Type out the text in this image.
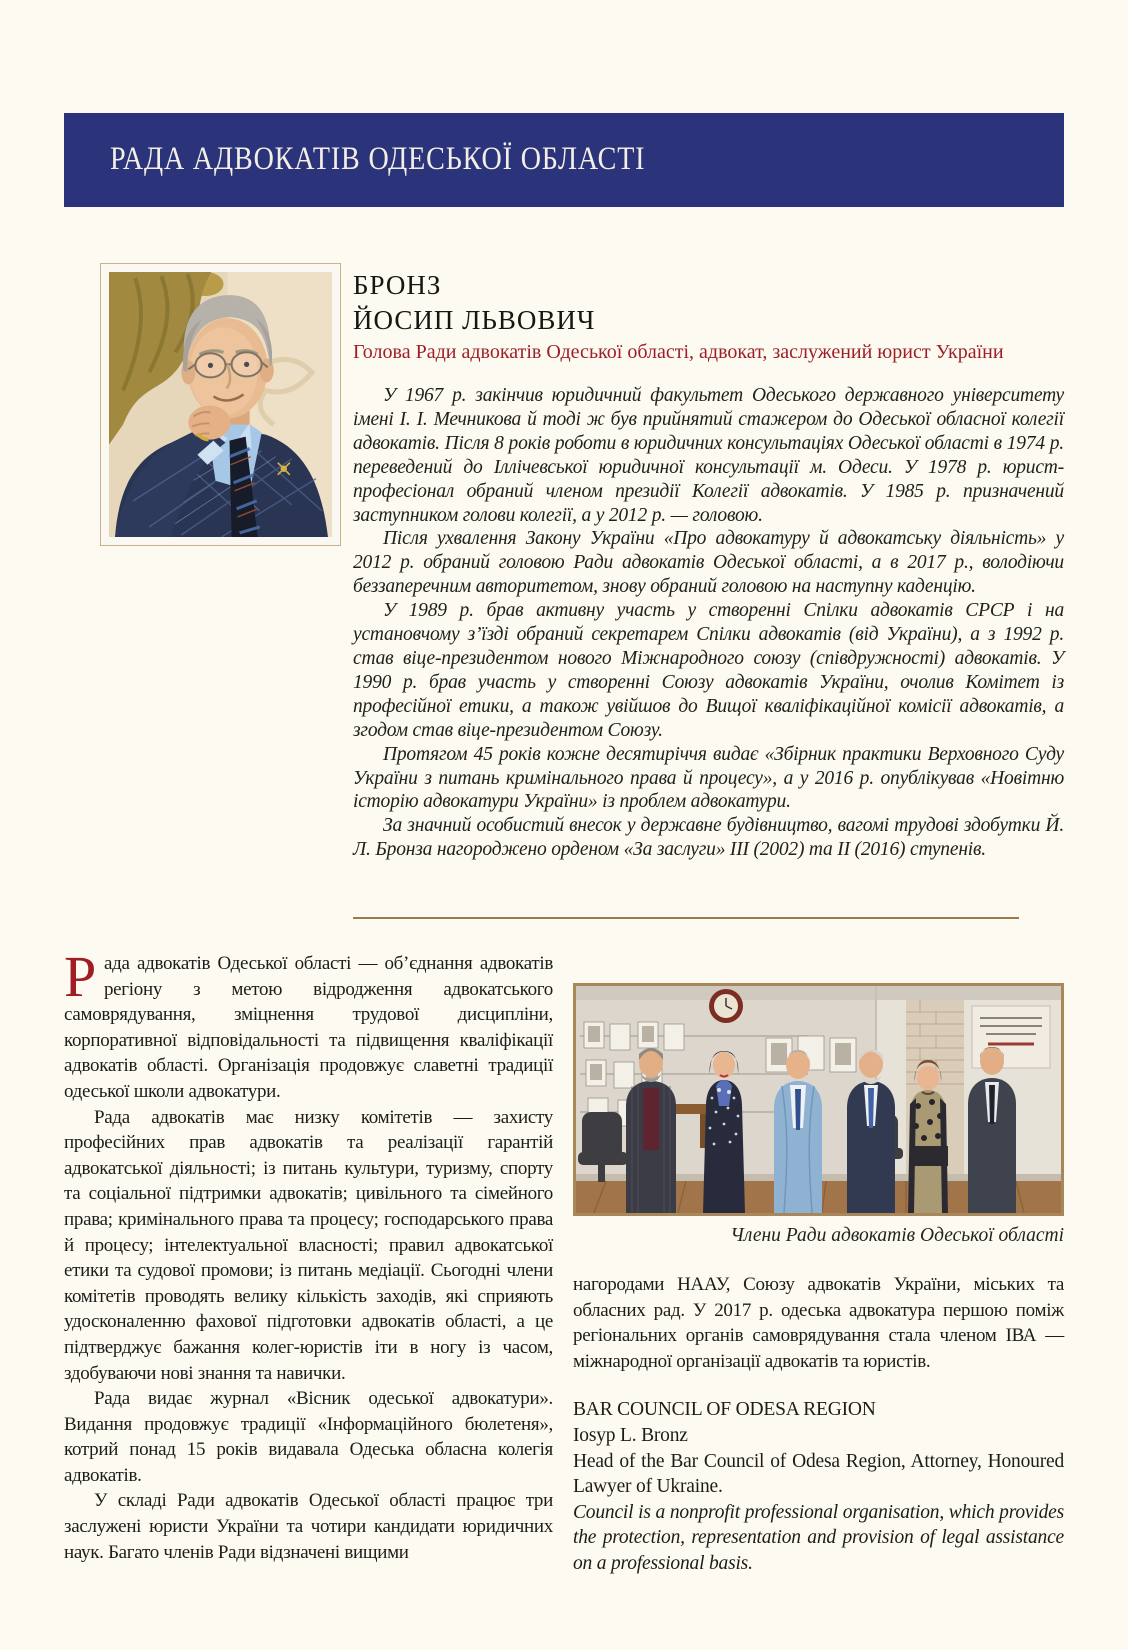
РАДА АДВОКАТІВ ОДЕСЬКОЇ ОБЛАСТІ
БРОНЗ
ЙОСИП ЛЬВОВИЧ
Голова Ради адвокатів Одеської області, адвокат, заслужений юрист України

У 1967 р. закінчив юридичний факультет Одеського державного університету імені І. І. Мечникова й тоді ж був прийнятий стажером до Одеської обласної колегії адвокатів. Після 8 років роботи в юридичних консультаціях Одеської області в 1974 р. переведений до Іллічевської юридичної консультації м. Одеси. У 1978 р. юрист-професіонал обраний членом президії Колегії адвокатів. У 1985 р. призначений заступником голови колегії, а у 2012 р. — головою.

Після ухвалення Закону України «Про адвокатуру й адвокатську діяльність» у 2012 р. обраний головою Ради адвокатів Одеської області, а в 2017 р., володіючи беззаперечним авторитетом, знову обраний головою на наступну каденцію.

У 1989 р. брав активну участь у створенні Спілки адвокатів СРСР і на установчому з’їзді обраний секретарем Спілки адвокатів (від України), а з 1992 р. став віце-президентом нового Міжнародного союзу (співдружності) адвокатів. У 1990 р. брав участь у створенні Союзу адвокатів України, очолив Комітет із професійної етики, а також увійшов до Вищої кваліфікаційної комісії адвокатів, а згодом став віце-президентом Союзу.

Протягом 45 років кожне десятиріччя видає «Збірник практики Верховного Суду України з питань кримінального права й процесу», а у 2016 р. опублікував «Новітню історію адвокатури України» із проблем адвокатури.

За значний особистий внесок у державне будівництво, вагомі трудові здобутки Й. Л. Бронза нагороджено орденом «За заслуги» ІІІ (2002) та ІІ (2016) ступенів.

Рада адвокатів Одеської області — об’єднання адвокатів регіону з метою відродження адвокатського самоврядування, зміцнення трудової дисципліни, корпоративної відповідальності та підвищення кваліфікації адвокатів області. Організація продовжує славетні традиції одеської школи адвокатури.

Рада адвокатів має низку комітетів — захисту професійних прав адвокатів та реалізації гарантій адвокатської діяльності; із питань культури, туризму, спорту та соціальної підтримки адвокатів; цивільного та сімейного права; кримінального права та процесу; господарського права й процесу; інтелектуальної власності; правил адвокатської етики та судової промови; із питань медіації. Сьогодні члени комітетів проводять велику кількість заходів, які сприяють удосконаленню фахової підготовки адвокатів області, а це підтверджує бажання колег-юристів іти в ногу із часом, здобуваючи нові знання та навички.

Рада видає журнал «Вісник одеської адвокатури». Видання продовжує традиції «Інформаційного бюлетеня», котрий понад 15 років видавала Одеська обласна колегія адвокатів.

У складі Ради адвокатів Одеської області працює три заслужені юристи України та чотири кандидати юридичних наук. Багато членів Ради відзначені вищими

Члени Ради адвокатів Одеської області

нагородами НААУ, Союзу адвокатів України, міських та обласних рад. У 2017 р. одеська адвокатура першою поміж регіональних органів самоврядування стала членом ІВА — міжнародної організації адвокатів та юристів.

BAR COUNCIL OF ODESA REGION
Iosyp L. Bronz
Head of the Bar Council of Odesa Region, Attorney, Honoured Lawyer of Ukraine.
Council is a nonprofit professional organisation, which provides the protection, representation and provision of legal assistance on a professional basis.
